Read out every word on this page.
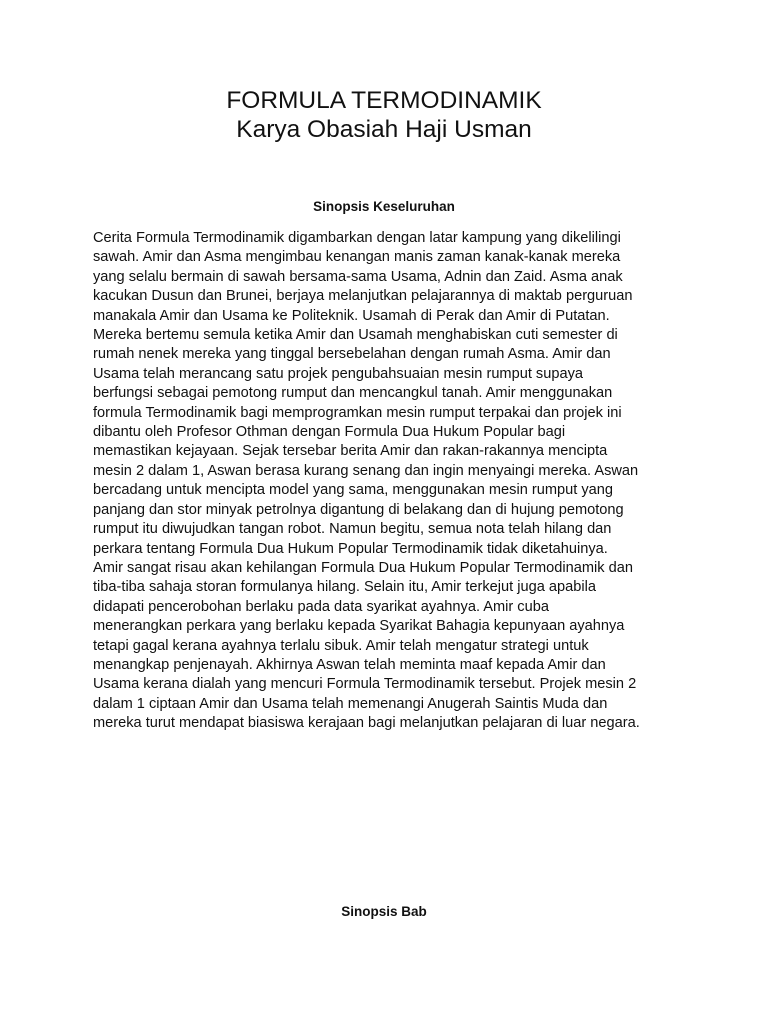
FORMULA TERMODINAMIK
Karya Obasiah Haji Usman
Sinopsis Keseluruhan

Cerita Formula Termodinamik digambarkan dengan latar kampung yang dikelilingi
sawah. Amir dan Asma mengimbau kenangan manis zaman kanak-kanak mereka
yang selalu bermain di sawah bersama-sama Usama, Adnin dan Zaid. Asma anak
kacukan Dusun dan Brunei, berjaya melanjutkan pelajarannya di maktab perguruan
manakala Amir dan Usama ke Politeknik. Usamah di Perak dan Amir di Putatan.
Mereka bertemu semula ketika Amir dan Usamah menghabiskan cuti semester di
rumah nenek mereka yang tinggal bersebelahan dengan rumah Asma. Amir dan
Usama telah merancang satu projek pengubahsuaian mesin rumput supaya
berfungsi sebagai pemotong rumput dan mencangkul tanah. Amir menggunakan
formula Termodinamik bagi memprogramkan mesin rumput terpakai dan projek ini
dibantu oleh Profesor Othman dengan Formula Dua Hukum Popular bagi
memastikan kejayaan. Sejak tersebar berita Amir dan rakan-rakannya mencipta
mesin 2 dalam 1, Aswan berasa kurang senang dan ingin menyaingi mereka. Aswan
bercadang untuk mencipta model yang sama, menggunakan mesin rumput yang
panjang dan stor minyak petrolnya digantung di belakang dan di hujung pemotong
rumput itu diwujudkan tangan robot. Namun begitu, semua nota telah hilang dan
perkara tentang Formula Dua Hukum Popular Termodinamik tidak diketahuinya.
Amir sangat risau akan kehilangan Formula Dua Hukum Popular Termodinamik dan
tiba-tiba sahaja storan formulanya hilang. Selain itu, Amir terkejut juga apabila
didapati pencerobohan berlaku pada data syarikat ayahnya. Amir cuba
menerangkan perkara yang berlaku kepada Syarikat Bahagia kepunyaan ayahnya
tetapi gagal kerana ayahnya terlalu sibuk. Amir telah mengatur strategi untuk
menangkap penjenayah. Akhirnya Aswan telah meminta maaf kepada Amir dan
Usama kerana dialah yang mencuri Formula Termodinamik tersebut. Projek mesin 2
dalam 1 ciptaan Amir dan Usama telah memenangi Anugerah Saintis Muda dan
mereka turut mendapat biasiswa kerajaan bagi melanjutkan pelajaran di luar negara.

Sinopsis Bab
